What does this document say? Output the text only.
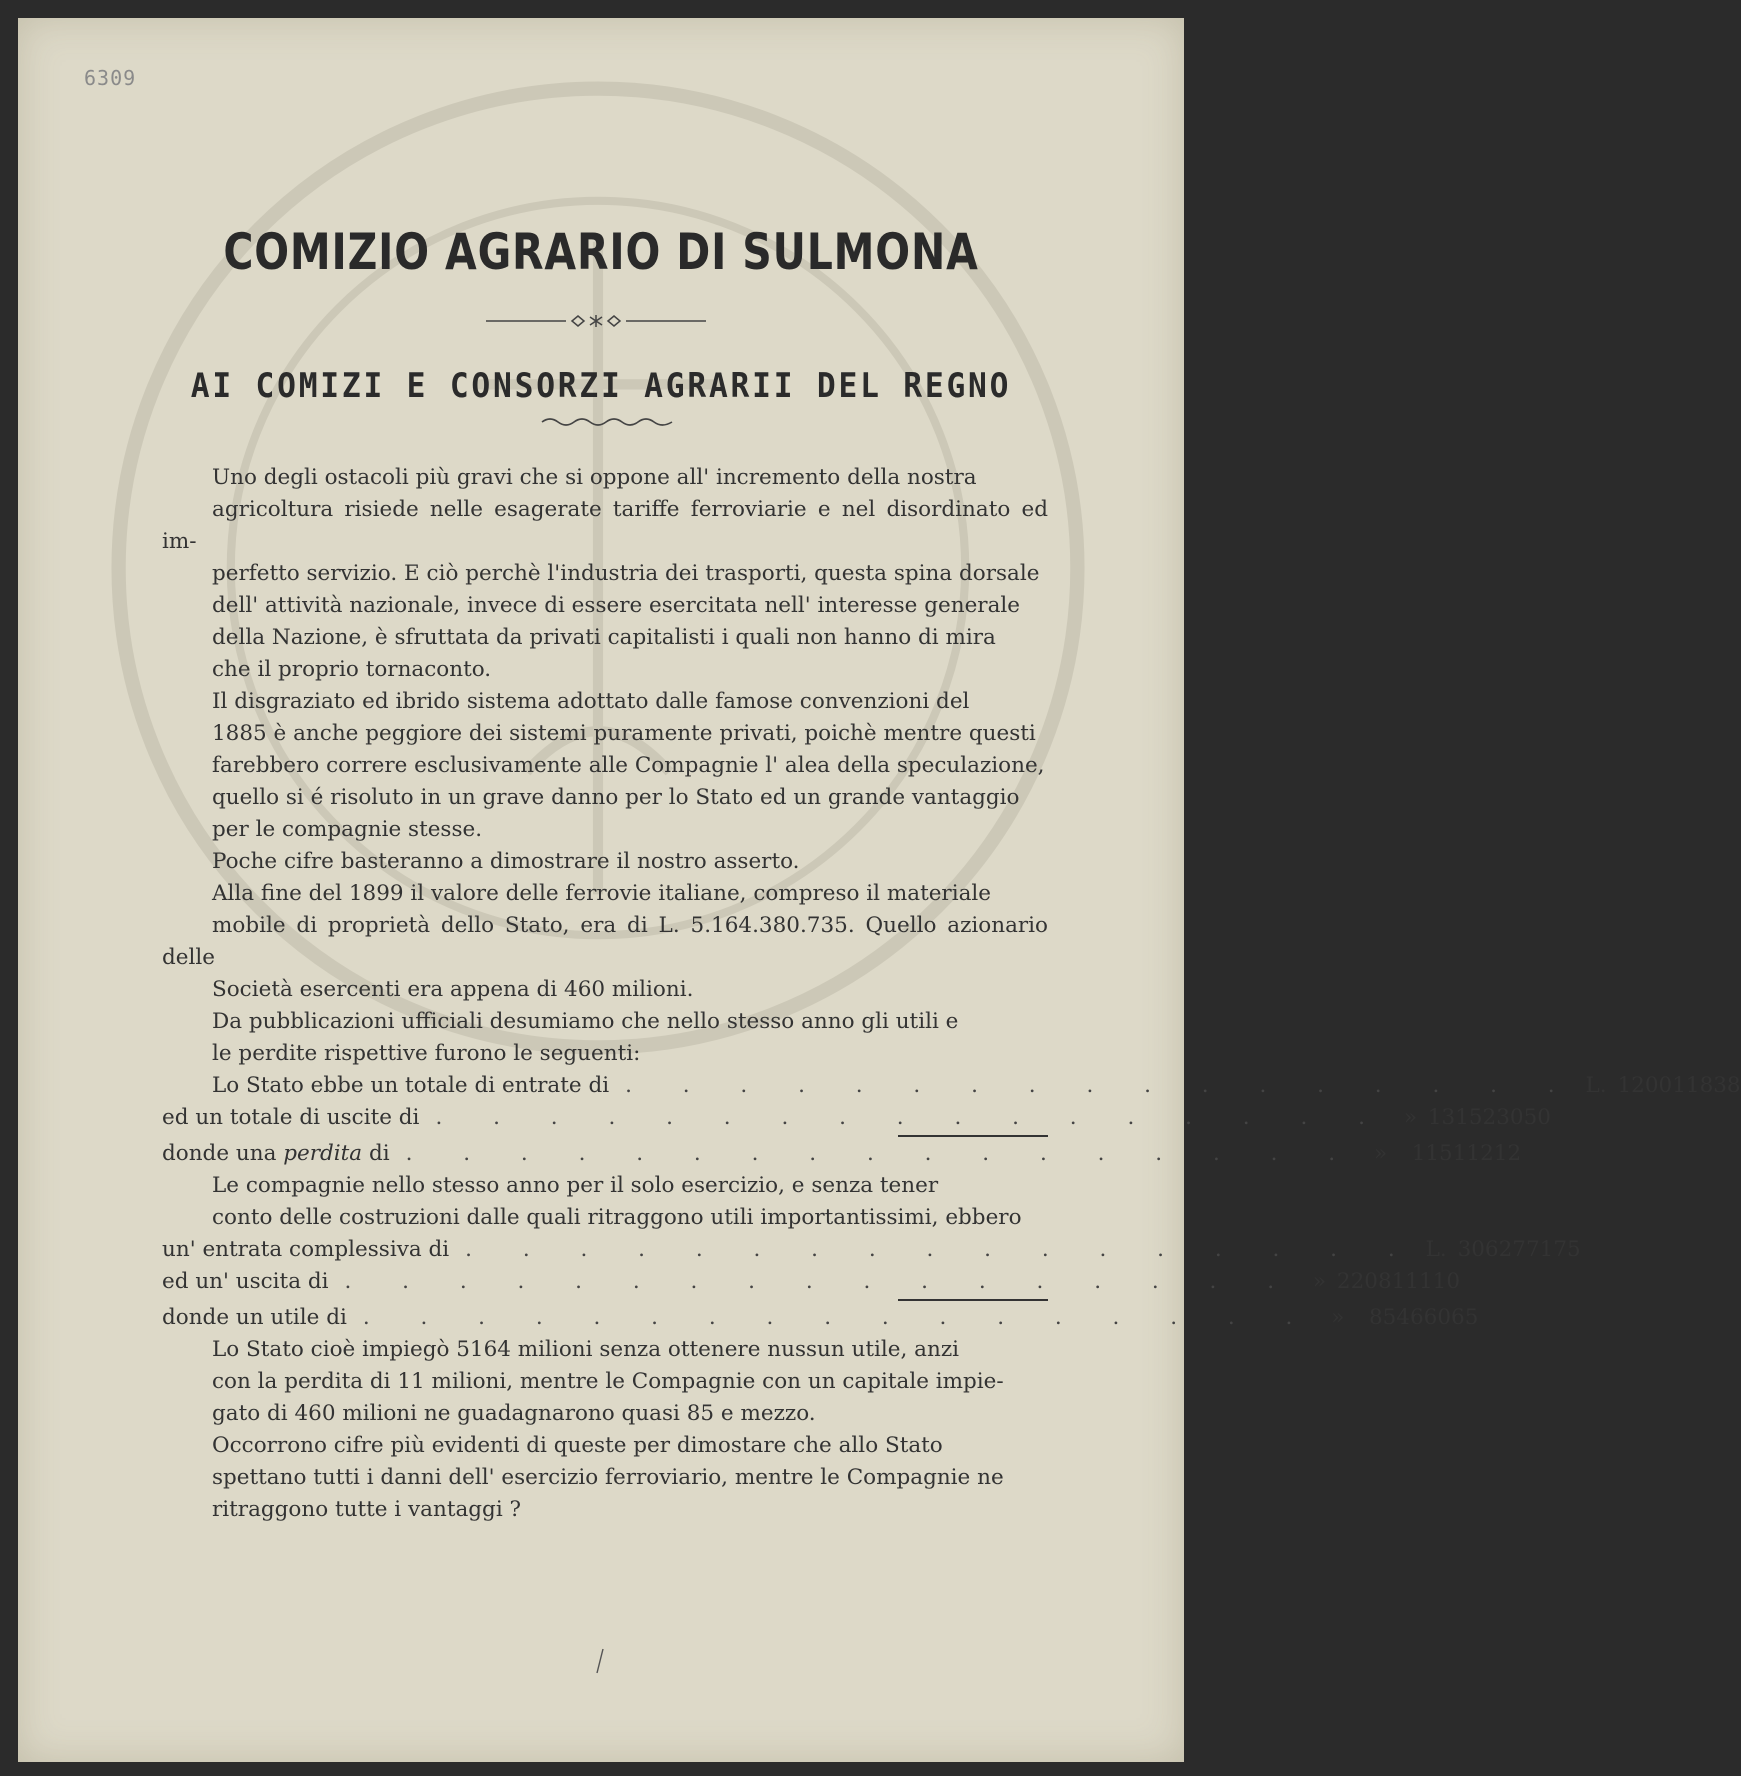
6309
COMIZIO AGRARIO DI SULMONA
AI COMIZI E CONSORZI AGRARII DEL REGNO

Uno degli ostacoli più gravi che si oppone all' incremento della nostra
agricoltura risiede nelle esagerate tariffe ferroviarie e nel disordinato ed im-
perfetto servizio. E ciò perchè l'industria dei trasporti, questa spina dorsale
dell' attività nazionale, invece di essere esercitata nell' interesse generale
della Nazione, è sfruttata da privati capitalisti i quali non hanno di mira
che il proprio tornaconto.

Il disgraziato ed ibrido sistema adottato dalle famose convenzioni del
1885 è anche peggiore dei sistemi puramente privati, poichè mentre questi
farebbero correre esclusivamente alle Compagnie l' alea della speculazione,
quello si é risoluto in un grave danno per lo Stato ed un grande vantaggio
per le compagnie stesse.

Poche cifre basteranno a dimostrare il nostro asserto.

Alla fine del 1899 il valore delle ferrovie italiane, compreso il materiale
mobile di proprietà dello Stato, era di L. 5.164.380.735. Quello azionario delle
Società esercenti era appena di 460 milioni.

Da pubblicazioni ufficiali desumiamo che nello stesso anno gli utili e
le perdite rispettive furono le seguenti:

Lo Stato ebbe un totale di entrate di . . . . . . . . . . . . . . . . . L. 120011838
ed un totale di uscite di . . . . . . . . . . . . . . . . . » 131523050
donde una perdita di . . . . . . . . . . . . . . . . . »	11511212

Le compagnie nello stesso anno per il solo esercizio, e senza tener
conto delle costruzioni dalle quali ritraggono utili importantissimi, ebbero

un' entrata complessiva di . . . . . . . . . . . . . . . . . L. 306277175
ed un' uscita di . . . . . . . . . . . . . . . . . » 220811110
donde un utile di . . . . . . . . . . . . . . . . . »	85466065

Lo Stato cioè impiegò 5164 milioni senza ottenere nussun utile, anzi
con la perdita di 11 milioni, mentre le Compagnie con un capitale impie-
gato di 460 milioni ne guadagnarono quasi 85 e mezzo.

Occorrono cifre più evidenti di queste per dimostare che allo Stato
spettano tutti i danni dell' esercizio ferroviario, mentre le Compagnie ne
ritraggono tutte i vantaggi ?
